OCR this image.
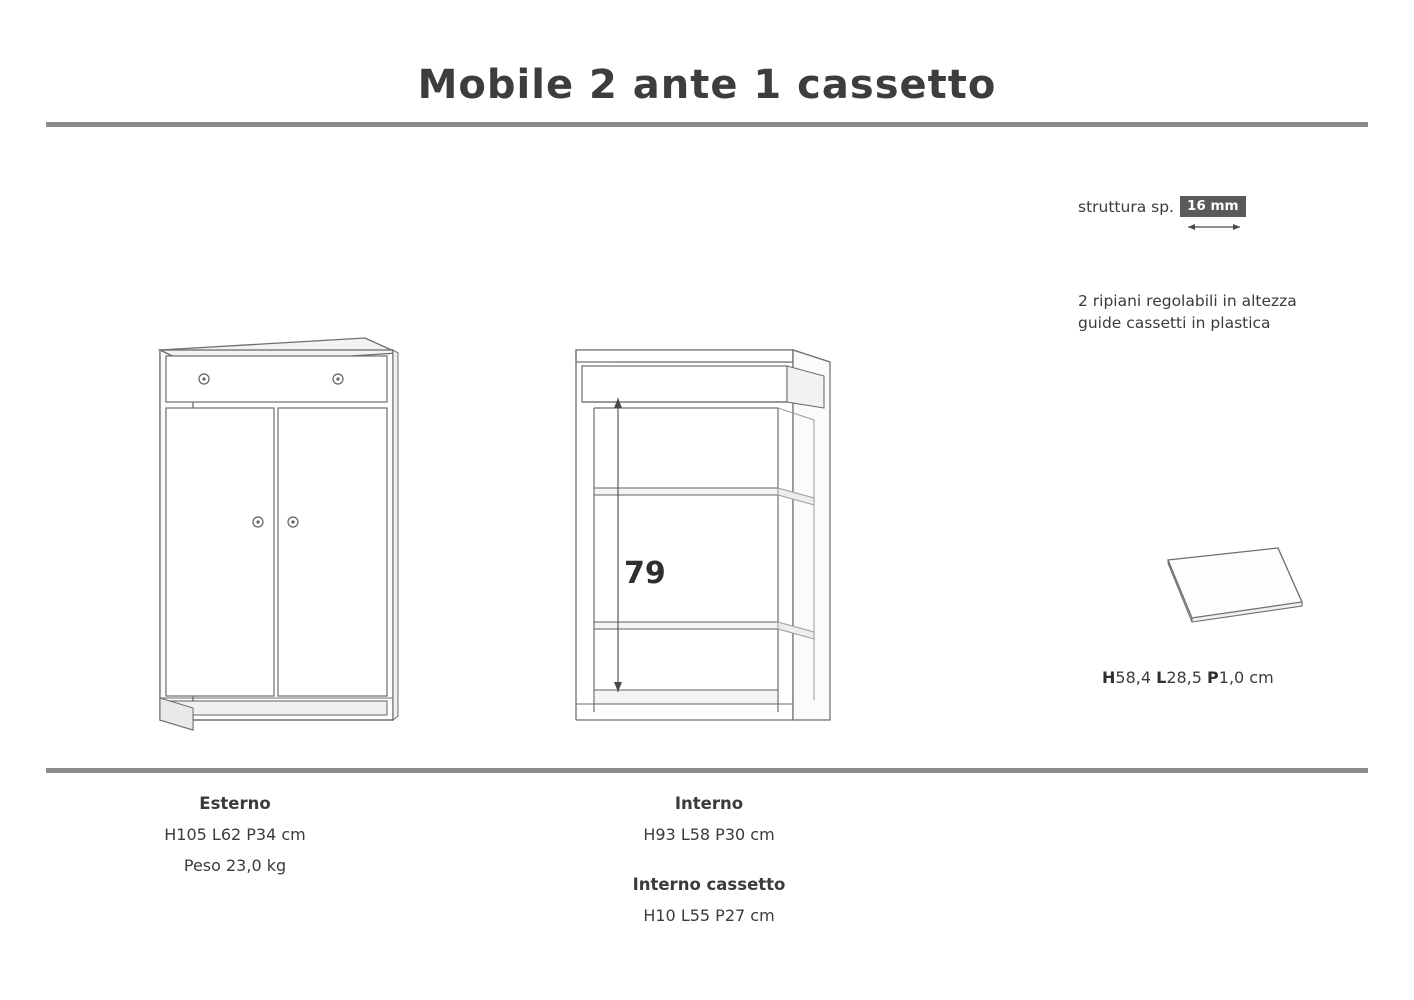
Mobile 2 ante 1 cassetto
struttura sp. 16 mm
2 ripiani regolabili in altezza
guide cassetti in plastica
H58,4 L28,5 P1,0 cm
79
Esterno
H105 L62 P34 cm
Peso 23,0 kg
Interno
H93 L58 P30 cm
Interno cassetto
H10 L55 P27 cm
